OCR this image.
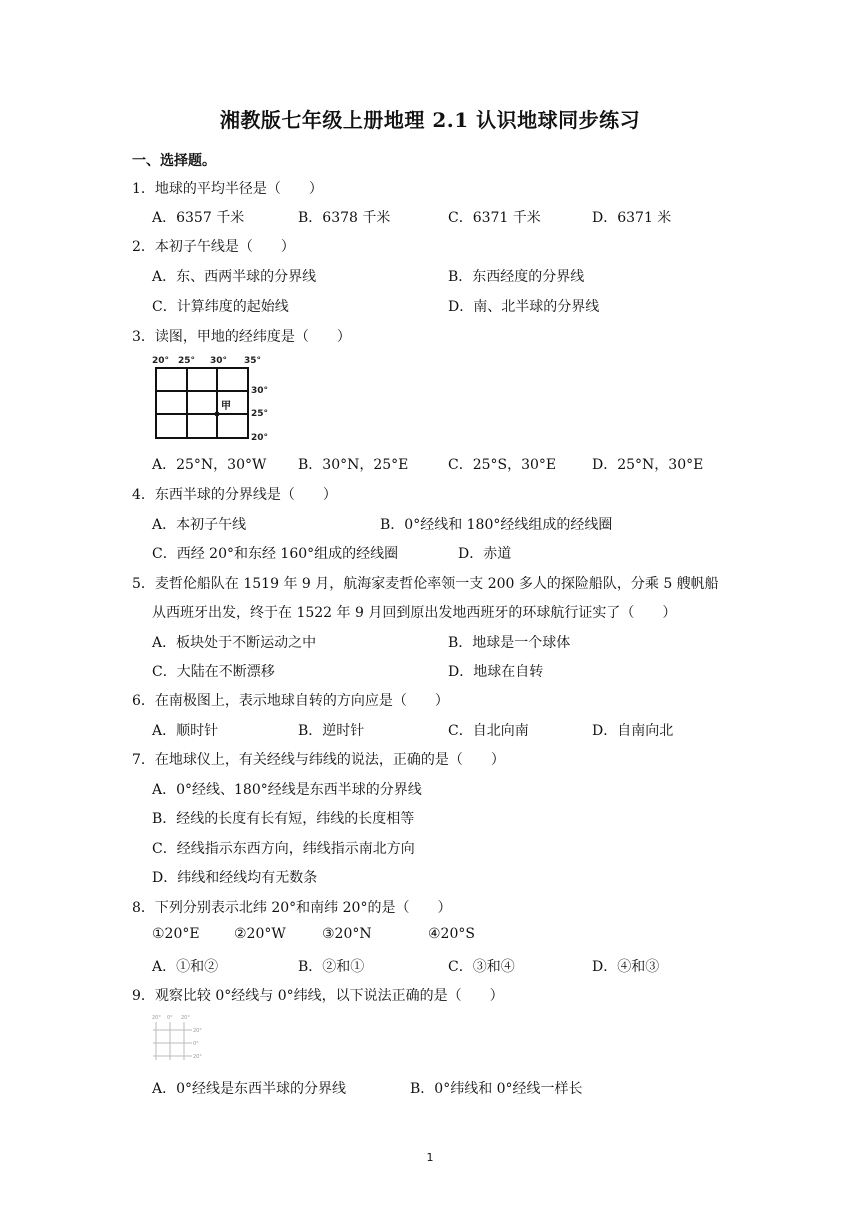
湘教版七年级上册地理 2.1 认识地球同步练习
一、选择题。
1．地球的平均半径是（　　）
A．6357 千米	B．6378 千米	C．6371 千米	D．6371 米
2．本初子午线是（　　）
A．东、西两半球的分界线	B．东西经度的分界线
C．计算纬度的起始线	D．南、北半球的分界线
3．读图，甲地的经纬度是（　　）
20° 25° 30° 35°
30°
25°
20°
甲
A．25°N，30°W B．30°N，25°E	C．25°S，30°E	D．25°N，30°E
4．东西半球的分界线是（　　）
A．本初子午线	B．0°经线和 180°经线组成的经线圈
C．西经 20°和东经 160°组成的经线圈	D．赤道
5．麦哲伦船队在 1519 年 9 月，航海家麦哲伦率领一支 200 多人的探险船队，分乘 5 艘帆船
从西班牙出发，终于在 1522 年 9 月回到原出发地西班牙的环球航行证实了（　　）
A．板块处于不断运动之中	B．地球是一个球体
C．大陆在不断漂移	D．地球在自转
6．在南极图上，表示地球自转的方向应是（　　）
A．顺时针	B．逆时针	C．自北向南	D．自南向北
7．在地球仪上，有关经线与纬线的说法，正确的是（　　）
A．0°经线、180°经线是东西半球的分界线
B．经线的长度有长有短，纬线的长度相等
C．经线指示东西方向，纬线指示南北方向
D．纬线和经线均有无数条
8．下列分别表示北纬 20°和南纬 20°的是（　　）
①20°E ②20°W	③20°N	④20°S
A．①和②	B．②和①	C．③和④	D．④和③
9．观察比较 0°经线与 0°纬线，以下说法正确的是（　　）
20° 0° 20°
20°
0°
20°
A．0°经线是东西半球的分界线	B．0°纬线和 0°经线一样长
1
